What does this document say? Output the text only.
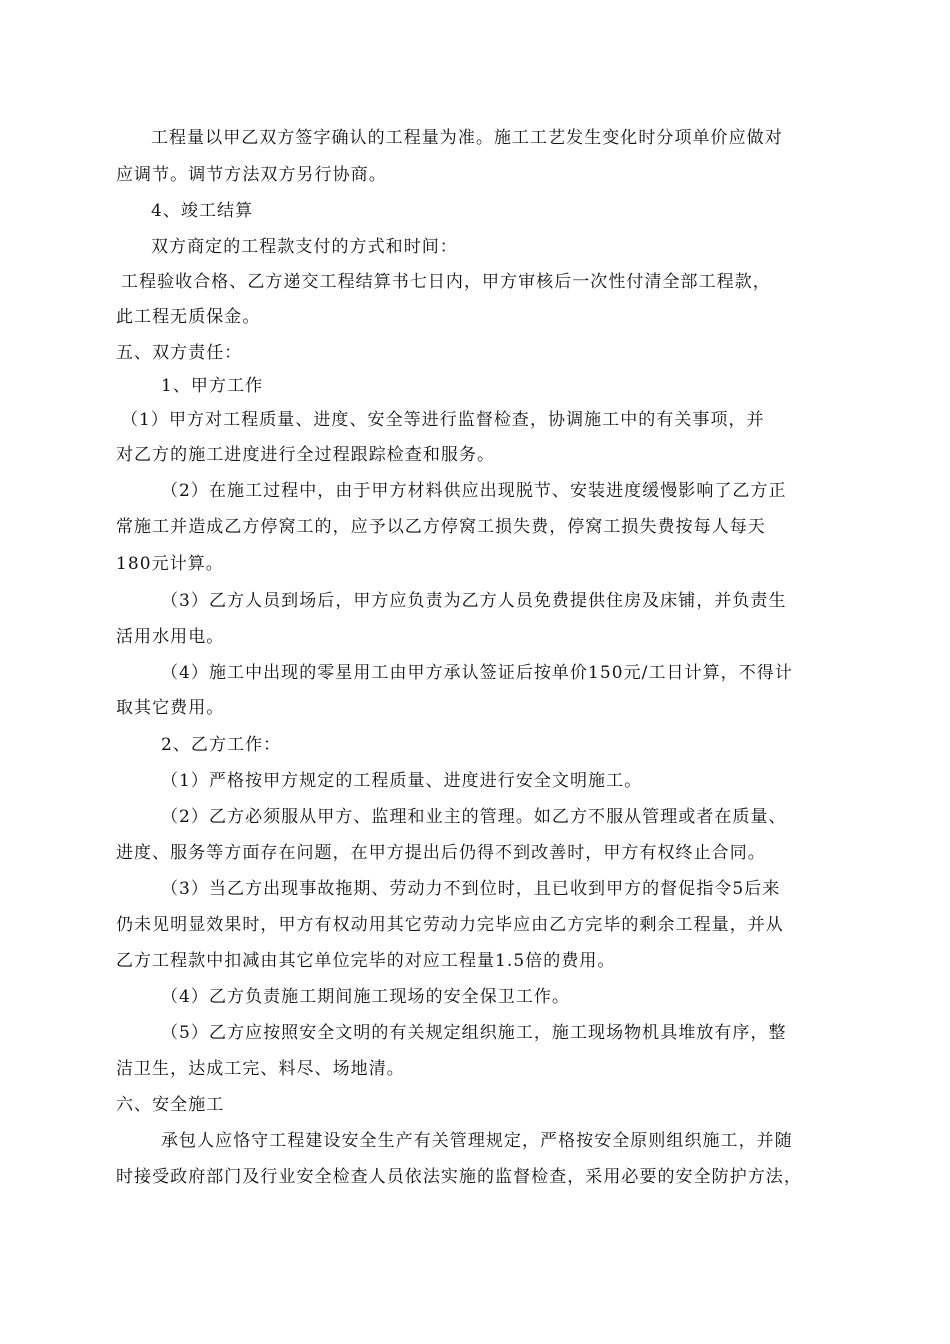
工程量以甲乙双方签字确认的工程量为准。施工工艺发生变化时分项单价应做对
应调节。调节方法双方另行协商。
4、竣工结算
双方商定的工程款支付的方式和时间：
工程验收合格、乙方递交工程结算书七日内，甲方审核后一次性付清全部工程款，
此工程无质保金。
五、双方责任：
1、甲方工作
（1）甲方对工程质量、进度、安全等进行监督检查，协调施工中的有关事项，并
对乙方的施工进度进行全过程跟踪检查和服务。
（2）在施工过程中，由于甲方材料供应出现脱节、安装进度缓慢影响了乙方正
常施工并造成乙方停窝工的，应予以乙方停窝工损失费，停窝工损失费按每人每天
180元计算。
（3）乙方人员到场后，甲方应负责为乙方人员免费提供住房及床铺，并负责生
活用水用电。
（4）施工中出现的零星用工由甲方承认签证后按单价150元/工日计算，不得计
取其它费用。
2、乙方工作：
（1）严格按甲方规定的工程质量、进度进行安全文明施工。
（2）乙方必须服从甲方、监理和业主的管理。如乙方不服从管理或者在质量、
进度、服务等方面存在问题，在甲方提出后仍得不到改善时，甲方有权终止合同。
（3）当乙方出现事故拖期、劳动力不到位时，且已收到甲方的督促指令5后来
仍未见明显效果时，甲方有权动用其它劳动力完毕应由乙方完毕的剩余工程量，并从
乙方工程款中扣减由其它单位完毕的对应工程量1.5倍的费用。
（4）乙方负责施工期间施工现场的安全保卫工作。
（5）乙方应按照安全文明的有关规定组织施工，施工现场物机具堆放有序，整
洁卫生，达成工完、料尽、场地清。
六、安全施工
承包人应恪守工程建设安全生产有关管理规定，严格按安全原则组织施工，并随
时接受政府部门及行业安全检查人员依法实施的监督检查，采用必要的安全防护方法，
